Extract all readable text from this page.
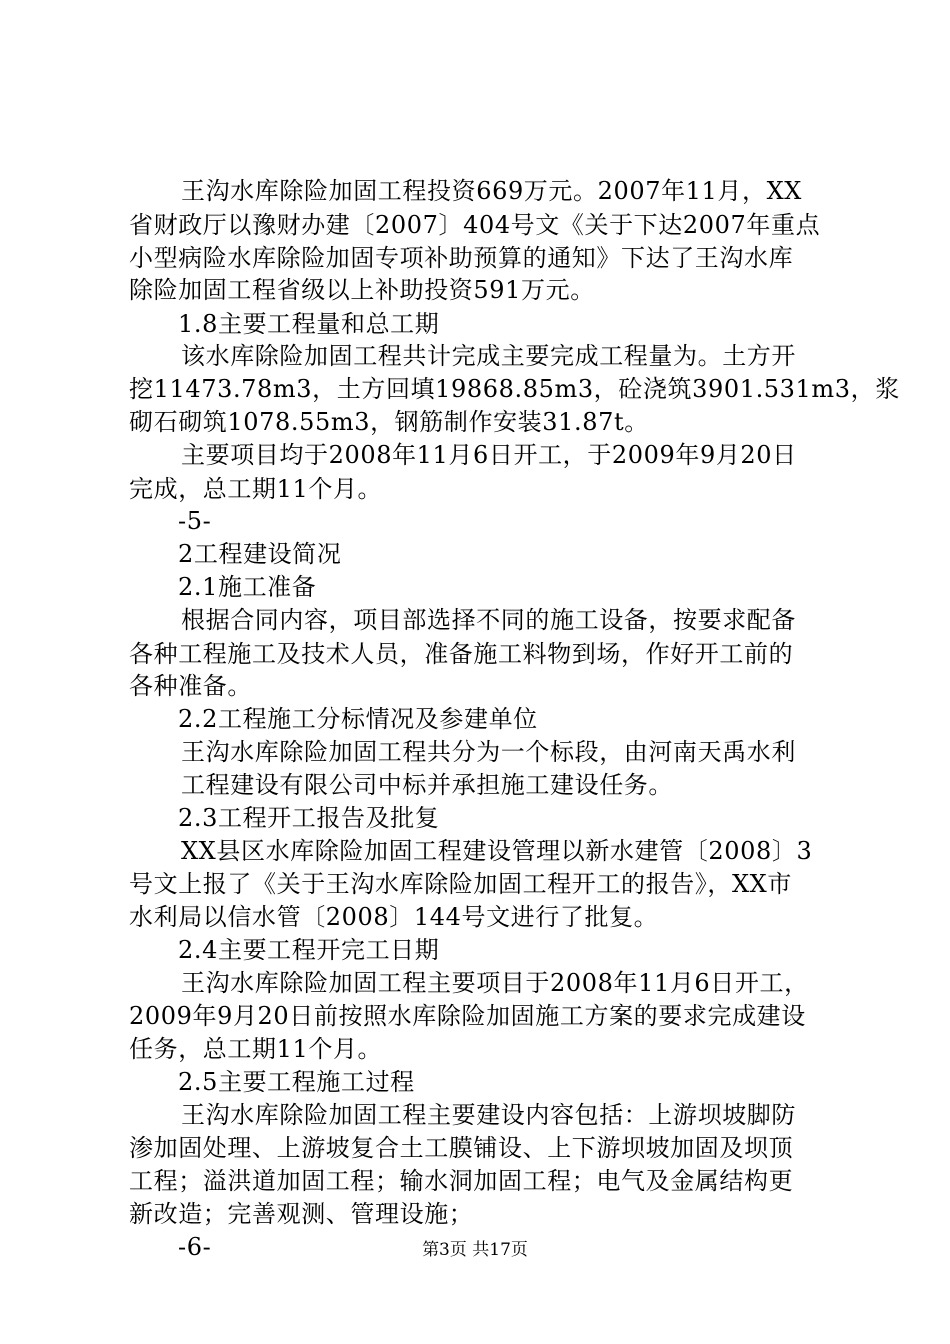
王沟水库除险加固工程投资669万元。2007年11月，XX
省财政厅以豫财办建〔2007〕404号文《关于下达2007年重点
小型病险水库除险加固专项补助预算的通知》下达了王沟水库
除险加固工程省级以上补助投资591万元。
1.8主要工程量和总工期
该水库除险加固工程共计完成主要完成工程量为。土方开
挖11473.78m3，土方回填19868.85m3，砼浇筑3901.531m3，浆
砌石砌筑1078.55m3，钢筋制作安装31.87t。
主要项目均于2008年11月6日开工，于2009年9月20日
完成，总工期11个月。
-5-
2工程建设简况
2.1施工准备
根据合同内容，项目部选择不同的施工设备，按要求配备
各种工程施工及技术人员，准备施工料物到场，作好开工前的
各种准备。
2.2工程施工分标情况及参建单位
王沟水库除险加固工程共分为一个标段，由河南天禹水利
工程建设有限公司中标并承担施工建设任务。
2.3工程开工报告及批复
XX县区水库除险加固工程建设管理以新水建管〔2008〕3
号文上报了《关于王沟水库除险加固工程开工的报告》，XX市
水利局以信水管〔2008〕144号文进行了批复。
2.4主要工程开完工日期
王沟水库除险加固工程主要项目于2008年11月6日开工，
2009年9月20日前按照水库除险加固施工方案的要求完成建设
任务，总工期11个月。
2.5主要工程施工过程
王沟水库除险加固工程主要建设内容包括：上游坝坡脚防
渗加固处理、上游坡复合土工膜铺设、上下游坝坡加固及坝顶
工程；溢洪道加固工程；输水洞加固工程；电气及金属结构更
新改造；完善观测、管理设施；
-6-	第3页 共17页
